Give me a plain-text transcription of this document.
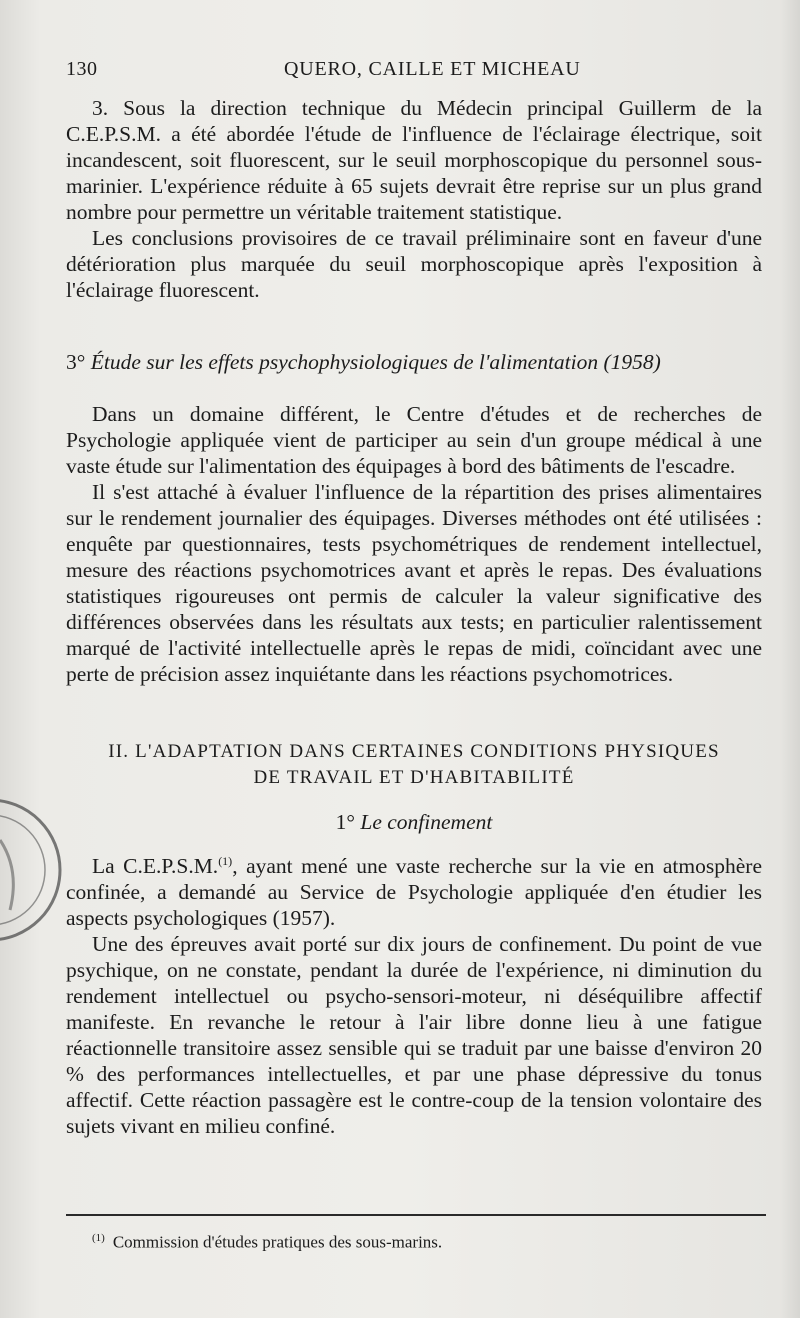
130	QUERO, CAILLE ET MICHEAU

3. Sous la direction technique du Médecin principal Guillerm de la C.E.P.S.M. a été abordée l'étude de l'influence de l'éclairage électrique, soit incandescent, soit fluorescent, sur le seuil morphoscopique du personnel sous-marinier. L'expérience réduite à 65 sujets devrait être reprise sur un plus grand nombre pour permettre un véritable traitement statistique.

Les conclusions provisoires de ce travail préliminaire sont en faveur d'une détérioration plus marquée du seuil morphoscopique après l'exposition à l'éclairage fluorescent.

3° Étude sur les effets psychophysiologiques de l'alimentation (1958)

Dans un domaine différent, le Centre d'études et de recherches de Psychologie appliquée vient de participer au sein d'un groupe médical à une vaste étude sur l'alimentation des équipages à bord des bâtiments de l'escadre.

Il s'est attaché à évaluer l'influence de la répartition des prises alimentaires sur le rendement journalier des équipages. Diverses méthodes ont été utilisées : enquête par questionnaires, tests psychométriques de rendement intellectuel, mesure des réactions psychomotrices avant et après le repas. Des évaluations statistiques rigoureuses ont permis de calculer la valeur significative des différences observées dans les résultats aux tests; en particulier ralentissement marqué de l'activité intellectuelle après le repas de midi, coïncidant avec une perte de précision assez inquiétante dans les réactions psychomotrices.

II. L'ADAPTATION DANS CERTAINES CONDITIONS PHYSIQUES

DE TRAVAIL ET D'HABITABILITÉ

1° Le confinement

La C.E.P.S.M.$^{(1)}$, ayant mené une vaste recherche sur la vie en atmosphère confinée, a demandé au Service de Psychologie appliquée d'en étudier les aspects psychologiques (1957).

Une des épreuves avait porté sur dix jours de confinement. Du point de vue psychique, on ne constate, pendant la durée de l'expérience, ni diminution du rendement intellectuel ou psycho-sensori-moteur, ni déséquilibre affectif manifeste. En revanche le retour à l'air libre donne lieu à une fatigue réactionnelle transitoire assez sensible qui se traduit par une baisse d'environ 20 % des performances intellectuelles, et par une phase dépressive du tonus affectif. Cette réaction passagère est le contre-coup de la tension volontaire des sujets vivant en milieu confiné.

$^{(1)}$ Commission d'études pratiques des sous-marins.
